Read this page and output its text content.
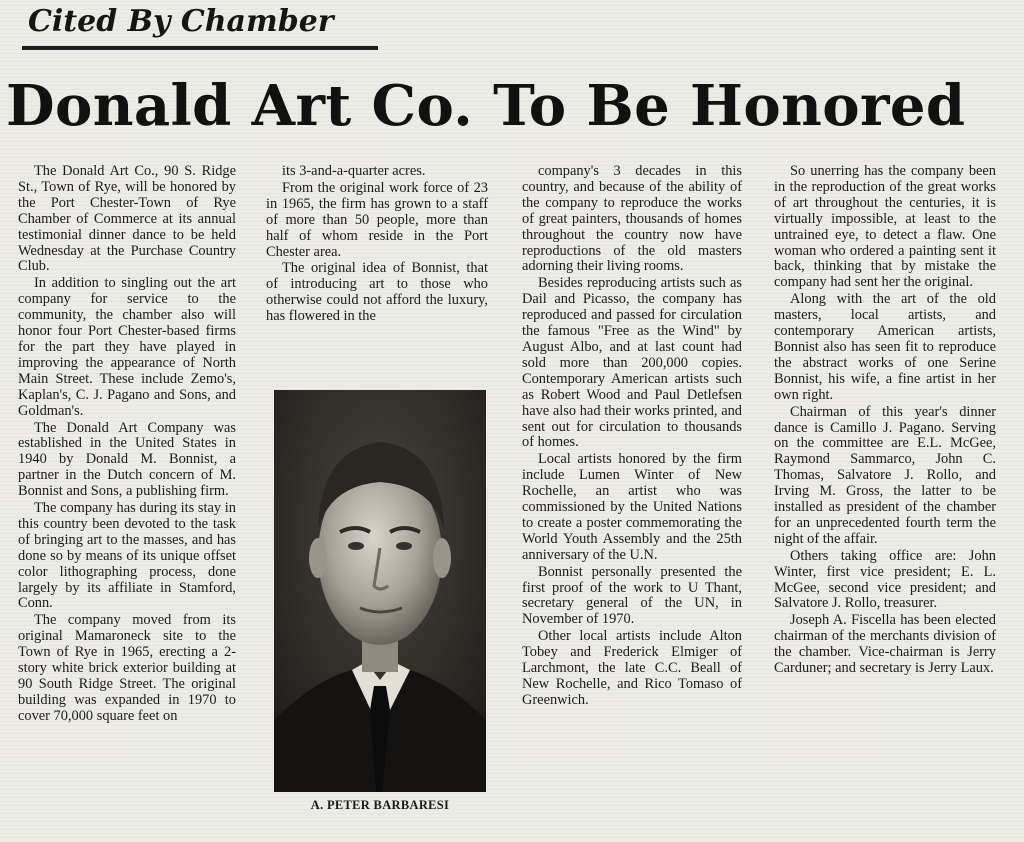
Cited By Chamber
Donald Art Co. To Be Honored

The Donald Art Co., 90 S. Ridge St., Town of Rye, will be honored by the Port Chester-Town of Rye Chamber of Commerce at its annual testimonial dinner dance to be held Wednesday at the Purchase Country Club.

In addition to singling out the art company for service to the community, the chamber also will honor four Port Chester-based firms for the part they have played in improving the appearance of North Main Street. These include Zemo's, Kaplan's, C. J. Pagano and Sons, and Goldman's.

The Donald Art Company was established in the United States in 1940 by Donald M. Bonnist, a partner in the Dutch concern of M. Bonnist and Sons, a publishing firm.

The company has during its stay in this country been devoted to the task of bringing art to the masses, and has done so by means of its unique offset color lithographing process, done largely by its affiliate in Stamford, Conn.

The company moved from its original Mamaroneck site to the Town of Rye in 1965, erecting a 2-story white brick exterior building at 90 South Ridge Street. The original building was expanded in 1970 to cover 70,000 square feet on

its 3-and-a-quarter acres.

From the original work force of 23 in 1965, the firm has grown to a staff of more than 50 people, more than half of whom reside in the Port Chester area.

The original idea of Bonnist, that of introducing art to those who otherwise could not afford the luxury, has flowered in the

company's 3 decades in this country, and because of the ability of the company to reproduce the works of great painters, thousands of homes throughout the country now have reproductions of the old masters adorning their living rooms.

Besides reproducing artists such as Dail and Picasso, the company has reproduced and passed for circulation the famous "Free as the Wind" by August Albo, and at last count had sold more than 200,000 copies. Contemporary American artists such as Robert Wood and Paul Detlefsen have also had their works printed, and sent out for circulation to thousands of homes.

Local artists honored by the firm include Lumen Winter of New Rochelle, an artist who was commissioned by the United Nations to create a poster commemorating the World Youth Assembly and the 25th anniversary of the U.N.

Bonnist personally presented the first proof of the work to U Thant, secretary general of the UN, in November of 1970.

Other local artists include Alton Tobey and Frederick Elmiger of Larchmont, the late C.C. Beall of New Rochelle, and Rico Tomaso of Greenwich.

So unerring has the company been in the reproduction of the great works of art throughout the centuries, it is virtually impossible, at least to the untrained eye, to detect a flaw. One woman who ordered a painting sent it back, thinking that by mistake the company had sent her the original.

Along with the art of the old masters, local artists, and contemporary American artists, Bonnist also has seen fit to reproduce the abstract works of one Serine Bonnist, his wife, a fine artist in her own right.

Chairman of this year's dinner dance is Camillo J. Pagano. Serving on the committee are E.L. McGee, Raymond Sammarco, John C. Thomas, Salvatore J. Rollo, and Irving M. Gross, the latter to be installed as president of the chamber for an unprecedented fourth term the night of the affair.

Others taking office are: John Winter, first vice president; E. L. McGee, second vice president; and Salvatore J. Rollo, treasurer.

Joseph A. Fiscella has been elected chairman of the merchants division of the chamber. Vice-chairman is Jerry Carduner; and secretary is Jerry Laux.

A. PETER BARBARESI
